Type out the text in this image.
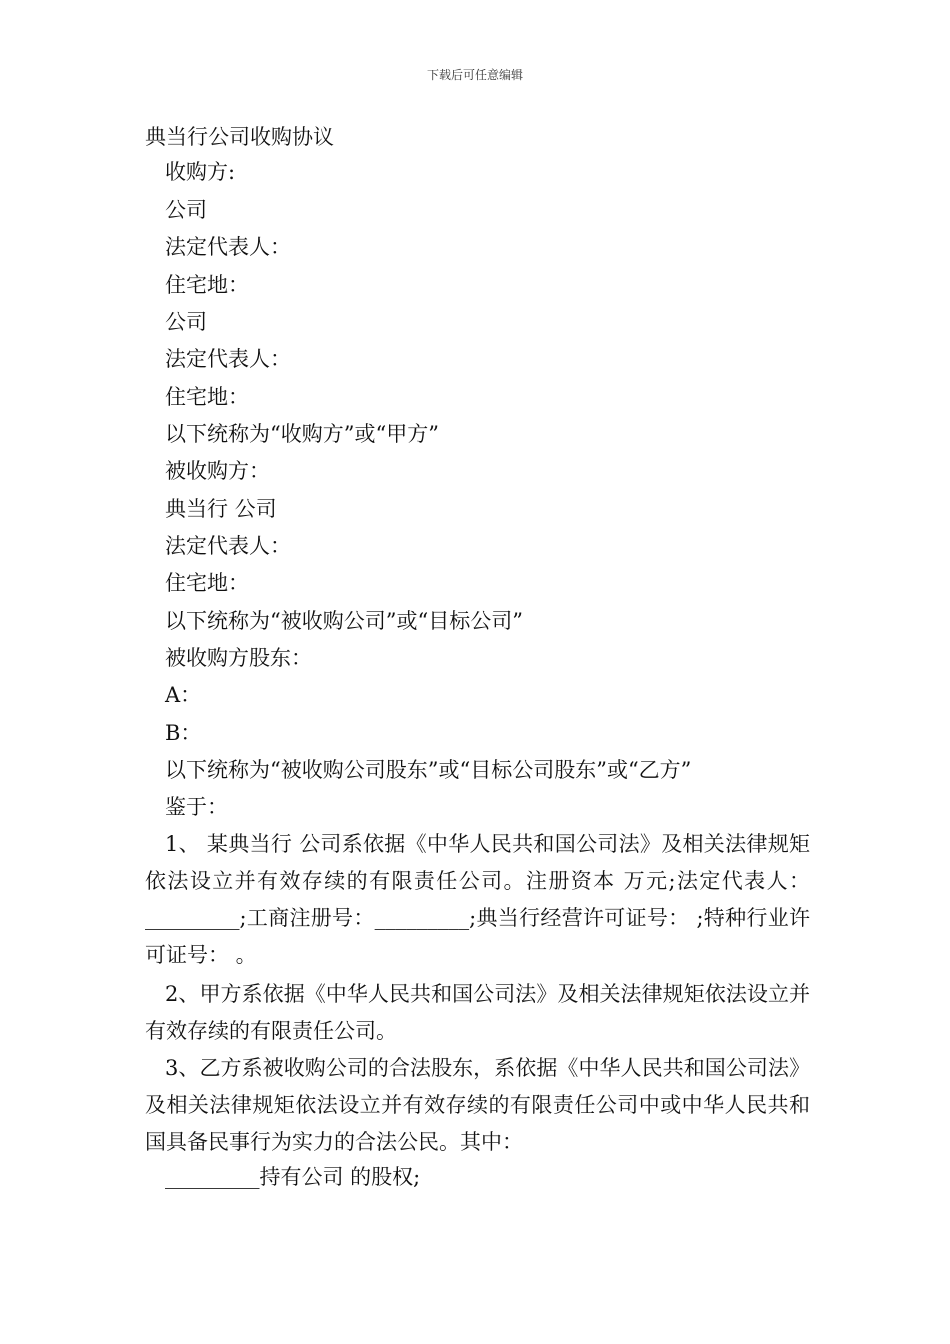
下载后可任意编辑
典当行公司收购协议
收购方:
公司
法定代表人：
住宅地：
公司
法定代表人：
住宅地：
以下统称为“收购方”或“甲方”
被收购方：
典当行 公司
法定代表人：
住宅地：
以下统称为“被收购公司”或“目标公司”
被收购方股东：
A：
B：
以下统称为“被收购公司股东”或“目标公司股东”或“乙方”
鉴于：
1、 某典当行 公司系依据《中华人民共和国公司法》及相关法律规矩依法设立并有效存续的有限责任公司。注册资本 万元;法定代表人：_________;工商注册号：_________;典当行经营许可证号： ;特种行业许可证号： 。
2、甲方系依据《中华人民共和国公司法》及相关法律规矩依法设立并有效存续的有限责任公司。
3、乙方系被收购公司的合法股东，系依据《中华人民共和国公司法》及相关法律规矩依法设立并有效存续的有限责任公司中或中华人民共和国具备民事行为实力的合法公民。其中：
_________持有公司 的股权;
